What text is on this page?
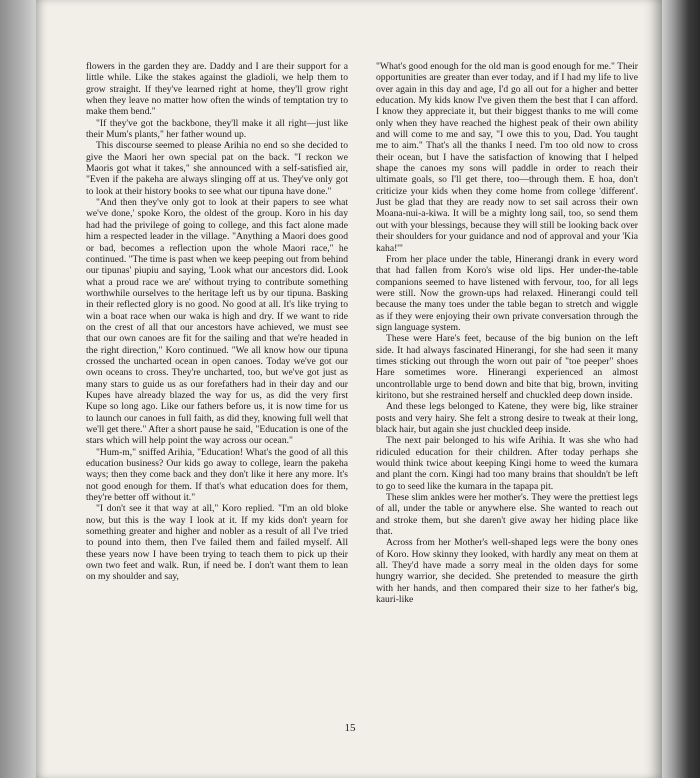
flowers in the garden they are. Daddy and I are their support for a little while. Like the stakes against the gladioli, we help them to grow straight. If they've learned right at home, they'll grow right when they leave no matter how often the winds of temptation try to make them bend."

"If they've got the backbone, they'll make it all right—just like their Mum's plants," her father wound up.

This discourse seemed to please Arihia no end so she decided to give the Maori her own special pat on the back. "I reckon we Maoris got what it takes," she announced with a self-satisfied air, "Even if the pakeha are always slinging off at us. They've only got to look at their history books to see what our tipuna have done."

"And then they've only got to look at their papers to see what we've done,' spoke Koro, the oldest of the group. Koro in his day had had the privilege of going to college, and this fact alone made him a respected leader in the village. "Anything a Maori does good or bad, becomes a reflection upon the whole Maori race," he continued. "The time is past when we keep peeping out from behind our tipunas' piupiu and saying, 'Look what our ancestors did. Look what a proud race we are' without trying to contribute something worthwhile ourselves to the heritage left us by our tipuna. Basking in their reflected glory is no good. No good at all. It's like trying to win a boat race when our waka is high and dry. If we want to ride on the crest of all that our ancestors have achieved, we must see that our own canoes are fit for the sailing and that we're headed in the right direction," Koro continued. "We all know how our tipuna crossed the uncharted ocean in open canoes. Today we've got our own oceans to cross. They're uncharted, too, but we've got just as many stars to guide us as our forefathers had in their day and our Kupes have already blazed the way for us, as did the very first Kupe so long ago. Like our fathers before us, it is now time for us to launch our canoes in full faith, as did they, knowing full well that we'll get there." After a short pause he said, "Education is one of the stars which will help point the way across our ocean."

"Hum-m," sniffed Arihia, "Education! What's the good of all this education business? Our kids go away to college, learn the pakeha ways; then they come back and they don't like it here any more. It's not good enough for them. If that's what education does for them, they're better off without it."

"I don't see it that way at all," Koro replied. "I'm an old bloke now, but this is the way I look at it. If my kids don't yearn for something greater and higher and nobler as a result of all I've tried to pound into them, then I've failed them and failed myself. All these years now I have been trying to teach them to pick up their own two feet and walk. Run, if need be. I don't want them to lean on my shoulder and say,

"What's good enough for the old man is good enough for me." Their opportunities are greater than ever today, and if I had my life to live over again in this day and age, I'd go all out for a higher and better education. My kids know I've given them the best that I can afford. I know they appreciate it, but their biggest thanks to me will come only when they have reached the highest peak of their own ability and will come to me and say, "I owe this to you, Dad. You taught me to aim." That's all the thanks I need. I'm too old now to cross their ocean, but I have the satisfaction of knowing that I helped shape the canoes my sons will paddle in order to reach their ultimate goals, so I'll get there, too—through them. E hoa, don't criticize your kids when they come home from college 'different'. Just be glad that they are ready now to set sail across their own Moana-nui-a-kiwa. It will be a mighty long sail, too, so send them out with your blessings, because they will still be looking back over their shoulders for your guidance and nod of approval and your 'Kia kaha!'"

From her place under the table, Hinerangi drank in every word that had fallen from Koro's wise old lips. Her under-the-table companions seemed to have listened with fervour, too, for all legs were still. Now the grown-ups had relaxed. Hinerangi could tell because the many toes under the table began to stretch and wiggle as if they were enjoying their own private conversation through the sign language system.

These were Hare's feet, because of the big bunion on the left side. It had always fascinated Hinerangi, for she had seen it many times sticking out through the worn out pair of "toe peeper" shoes Hare sometimes wore. Hinerangi experienced an almost uncontrollable urge to bend down and bite that big, brown, inviting kiritono, but she restrained herself and chuckled deep down inside.

And these legs belonged to Katene, they were big, like strainer posts and very hairy. She felt a strong desire to tweak at their long, black hair, but again she just chuckled deep inside.

The next pair belonged to his wife Arihia. It was she who had ridiculed education for their children. After today perhaps she would think twice about keeping Kingi home to weed the kumara and plant the corn. Kingi had too many brains that shouldn't be left to go to seed like the kumara in the tapapa pit.

These slim ankles were her mother's. They were the prettiest legs of all, under the table or anywhere else. She wanted to reach out and stroke them, but she daren't give away her hiding place like that.

Across from her Mother's well-shaped legs were the bony ones of Koro. How skinny they looked, with hardly any meat on them at all. They'd have made a sorry meal in the olden days for some hungry warrior, she decided. She pretended to measure the girth with her hands, and then compared their size to her father's big, kauri-like

15
